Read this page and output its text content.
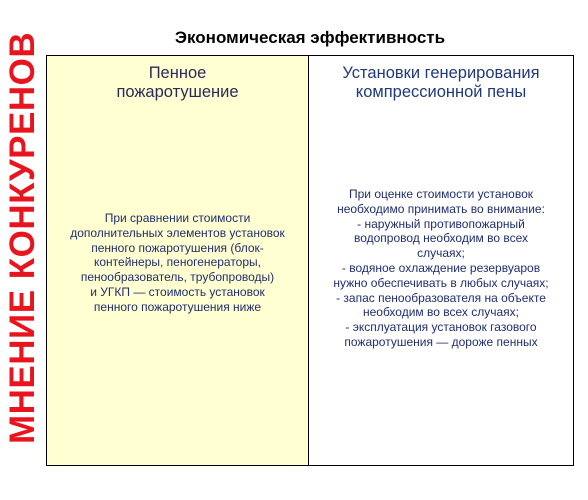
Экономическая эффективность
МНЕНИЕ КОНКУРЕНОВ	Пенное
пожаротушение
При сравнении стоимости
дополнительных элементов установок
пенного пожаротушения (блок-
контейнеры, пеногенераторы,
пенообразователь, трубопроводы)
и УГКП — стоимость установок
пенного пожаротушения ниже
Установки генерирования
компрессионной пены
При оценке стоимости установок
необходимо принимать во внимание:
- наружный противопожарный
водопровод необходим во всех
случаях;
- водяное охлаждение резервуаров
нужно обеспечивать в любых случаях;
- запас пенообразователя на объекте
необходим во всех случаях;
- эксплуатация установок газового
пожаротушения — дороже пенных
